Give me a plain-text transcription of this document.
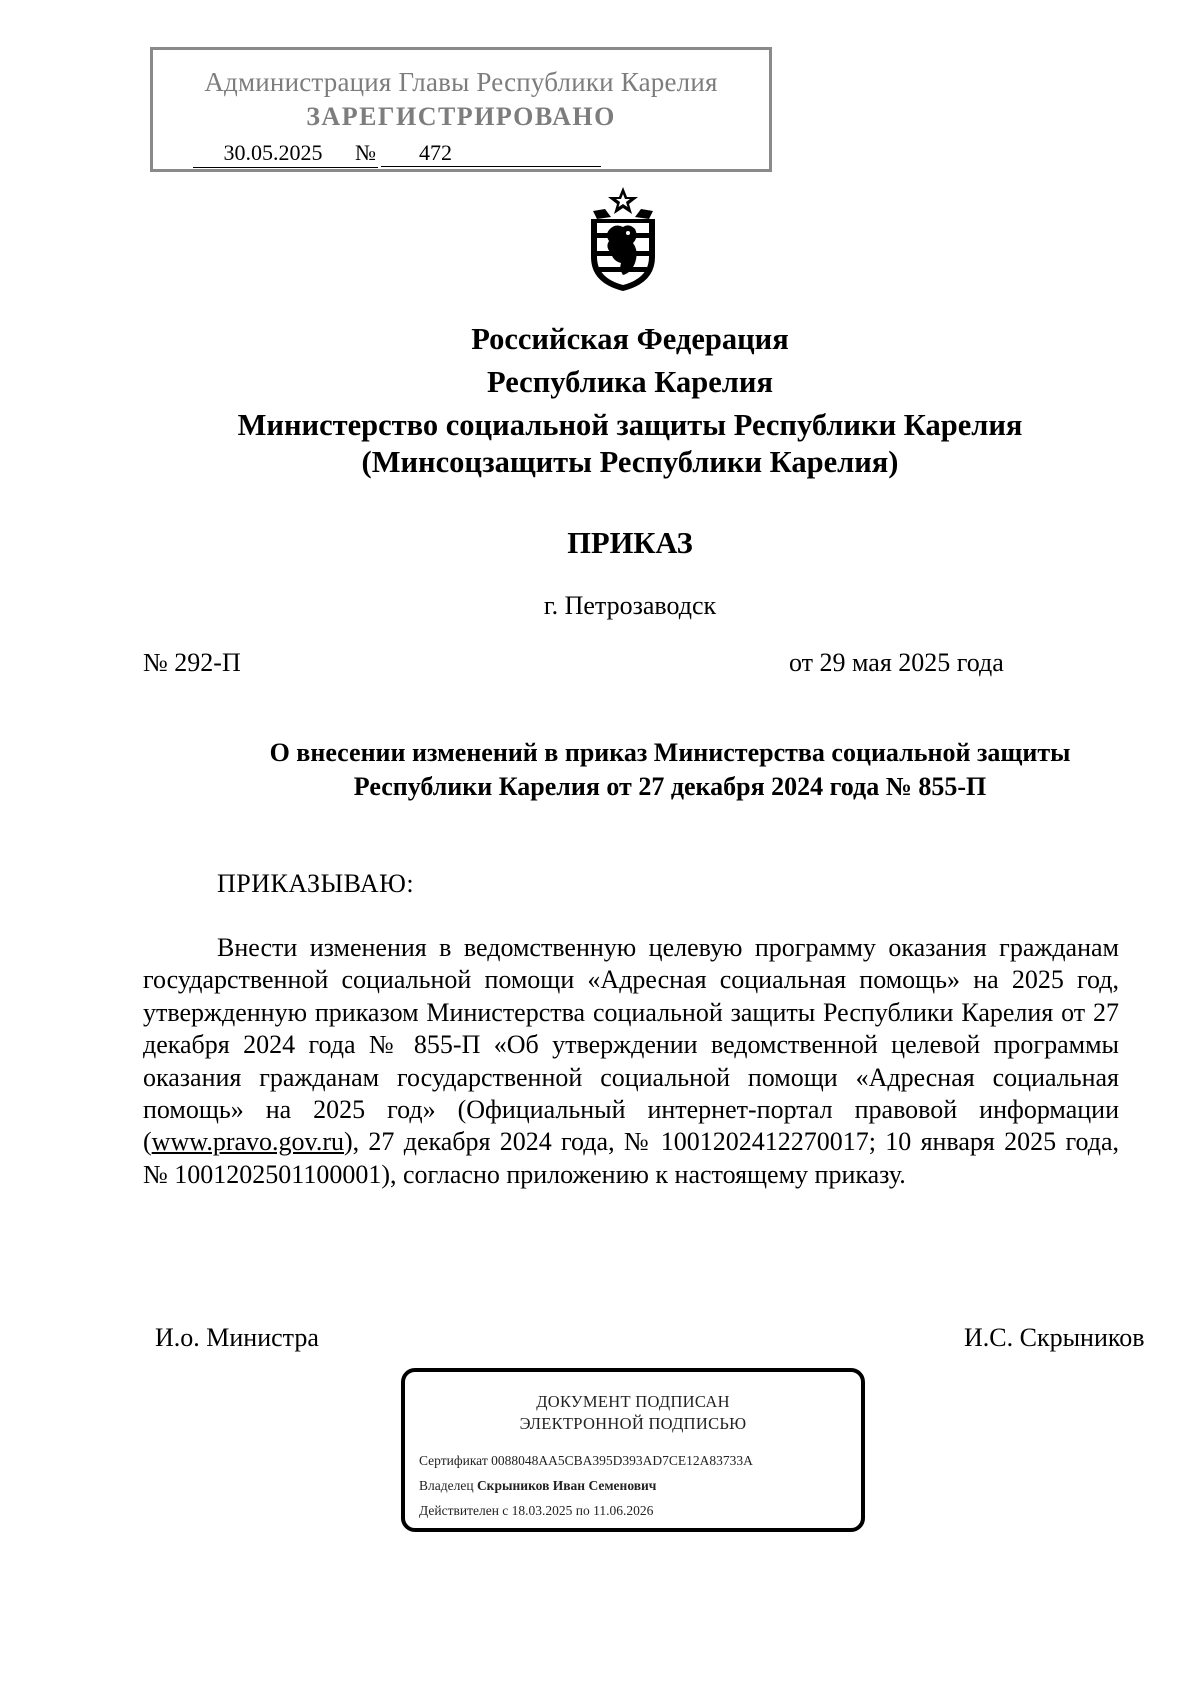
Администрация Главы Республики Карелия
ЗАРЕГИСТРИРОВАНО
30.05.2025	№	472
Российская Федерация
Республика Карелия
Министерство социальной защиты Республики Карелия
(Минсоцзащиты Республики Карелия)
ПРИКАЗ
г. Петрозаводск
№ 292-П	от 29 мая 2025 года
О внесении изменений в приказ Министерства социальной защиты
Республики Карелия от 27 декабря 2024 года № 855-П
ПРИКАЗЫВАЮ:
Внести изменения в ведомственную целевую программу оказания гражданам государственной социальной помощи «Адресная социальная помощь» на 2025 год, утвержденную приказом Министерства социальной защиты Республики Карелия от 27 декабря 2024 года № 855-П «Об утверждении ведомственной целевой программы оказания гражданам государственной социальной помощи «Адресная социальная помощь» на 2025 год» (Официальный интернет-портал правовой информации (www.pravo.gov.ru), 27 декабря 2024 года, № 1001202412270017; 10 января 2025 года, № 1001202501100001), согласно приложению к настоящему приказу.
И.о. Министра	И.С. Скрыников
ДОКУМЕНТ ПОДПИСАН
ЭЛЕКТРОННОЙ ПОДПИСЬЮ
Сертификат 0088048AA5CBA395D393AD7CE12A83733A
Владелец Скрыников Иван Семенович
Действителен с 18.03.2025 по 11.06.2026
